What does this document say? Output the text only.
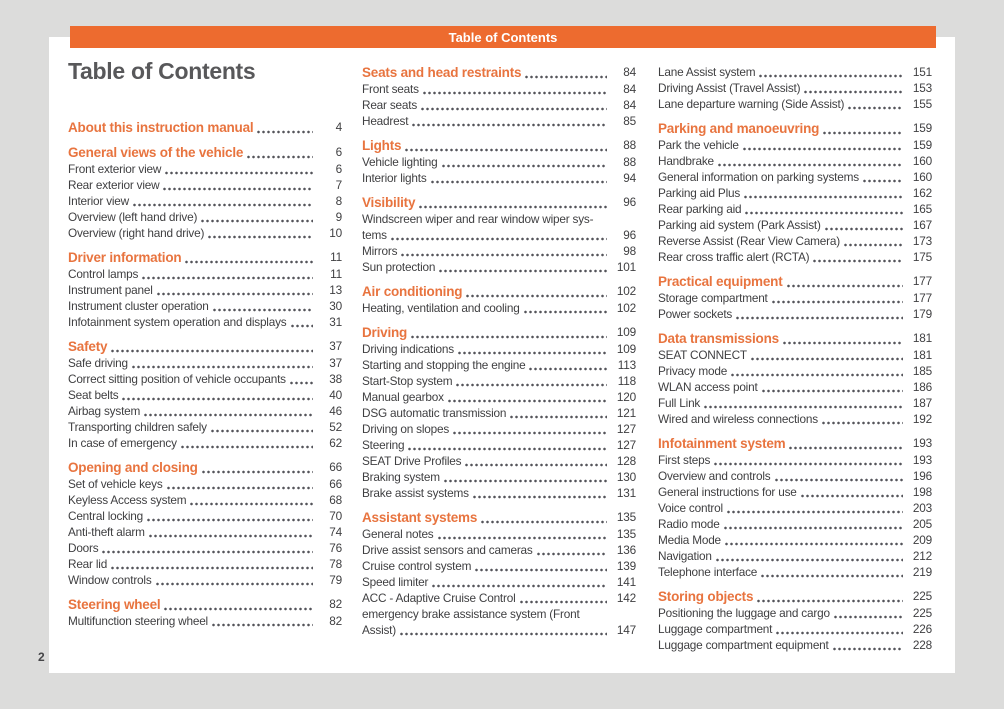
Table of Contents
Table of Contents
About this instruction manual	4
General views of the vehicle	6
Front exterior view	6
Rear exterior view	7
Interior view	8
Overview (left hand drive)	9
Overview (right hand drive)	10
Driver information	11
Control lamps	11
Instrument panel	13
Instrument cluster operation	30
Infotainment system operation and displays	31
Safety	37
Safe driving	37
Correct sitting position of vehicle occupants	38
Seat belts	40
Airbag system	46
Transporting children safely	52
In case of emergency	62
Opening and closing	66
Set of vehicle keys	66
Keyless Access system	68
Central locking	70
Anti-theft alarm	74
Doors	76
Rear lid	78
Window controls	79
Steering wheel	82
Multifunction steering wheel	82
Seats and head restraints	84
Front seats	84
Rear seats	84
Headrest	85
Lights	88
Vehicle lighting	88
Interior lights	94
Visibility	96
Windscreen wiper and rear window wiper sys-
tems	96
Mirrors	98
Sun protection	101
Air conditioning	102
Heating, ventilation and cooling	102
Driving	109
Driving indications	109
Starting and stopping the engine	113
Start-Stop system	118
Manual gearbox	120
DSG automatic transmission	121
Driving on slopes	127
Steering	127
SEAT Drive Profiles	128
Braking system	130
Brake assist systems	131
Assistant systems	135
General notes	135
Drive assist sensors and cameras	136
Cruise control system	139
Speed limiter	141
ACC - Adaptive Cruise Control	142
emergency brake assistance system (Front
Assist)	147
Lane Assist system	151
Driving Assist (Travel Assist)	153
Lane departure warning (Side Assist)	155
Parking and manoeuvring	159
Park the vehicle	159
Handbrake	160
General information on parking systems	160
Parking aid Plus	162
Rear parking aid	165
Parking aid system (Park Assist)	167
Reverse Assist (Rear View Camera)	173
Rear cross traffic alert (RCTA)	175
Practical equipment	177
Storage compartment	177
Power sockets	179
Data transmissions	181
SEAT CONNECT	181
Privacy mode	185
WLAN access point	186
Full Link	187
Wired and wireless connections	192
Infotainment system	193
First steps	193
Overview and controls	196
General instructions for use	198
Voice control	203
Radio mode	205
Media Mode	209
Navigation	212
Telephone interface	219
Storing objects	225
Positioning the luggage and cargo	225
Luggage compartment	226
Luggage compartment equipment	228
2
